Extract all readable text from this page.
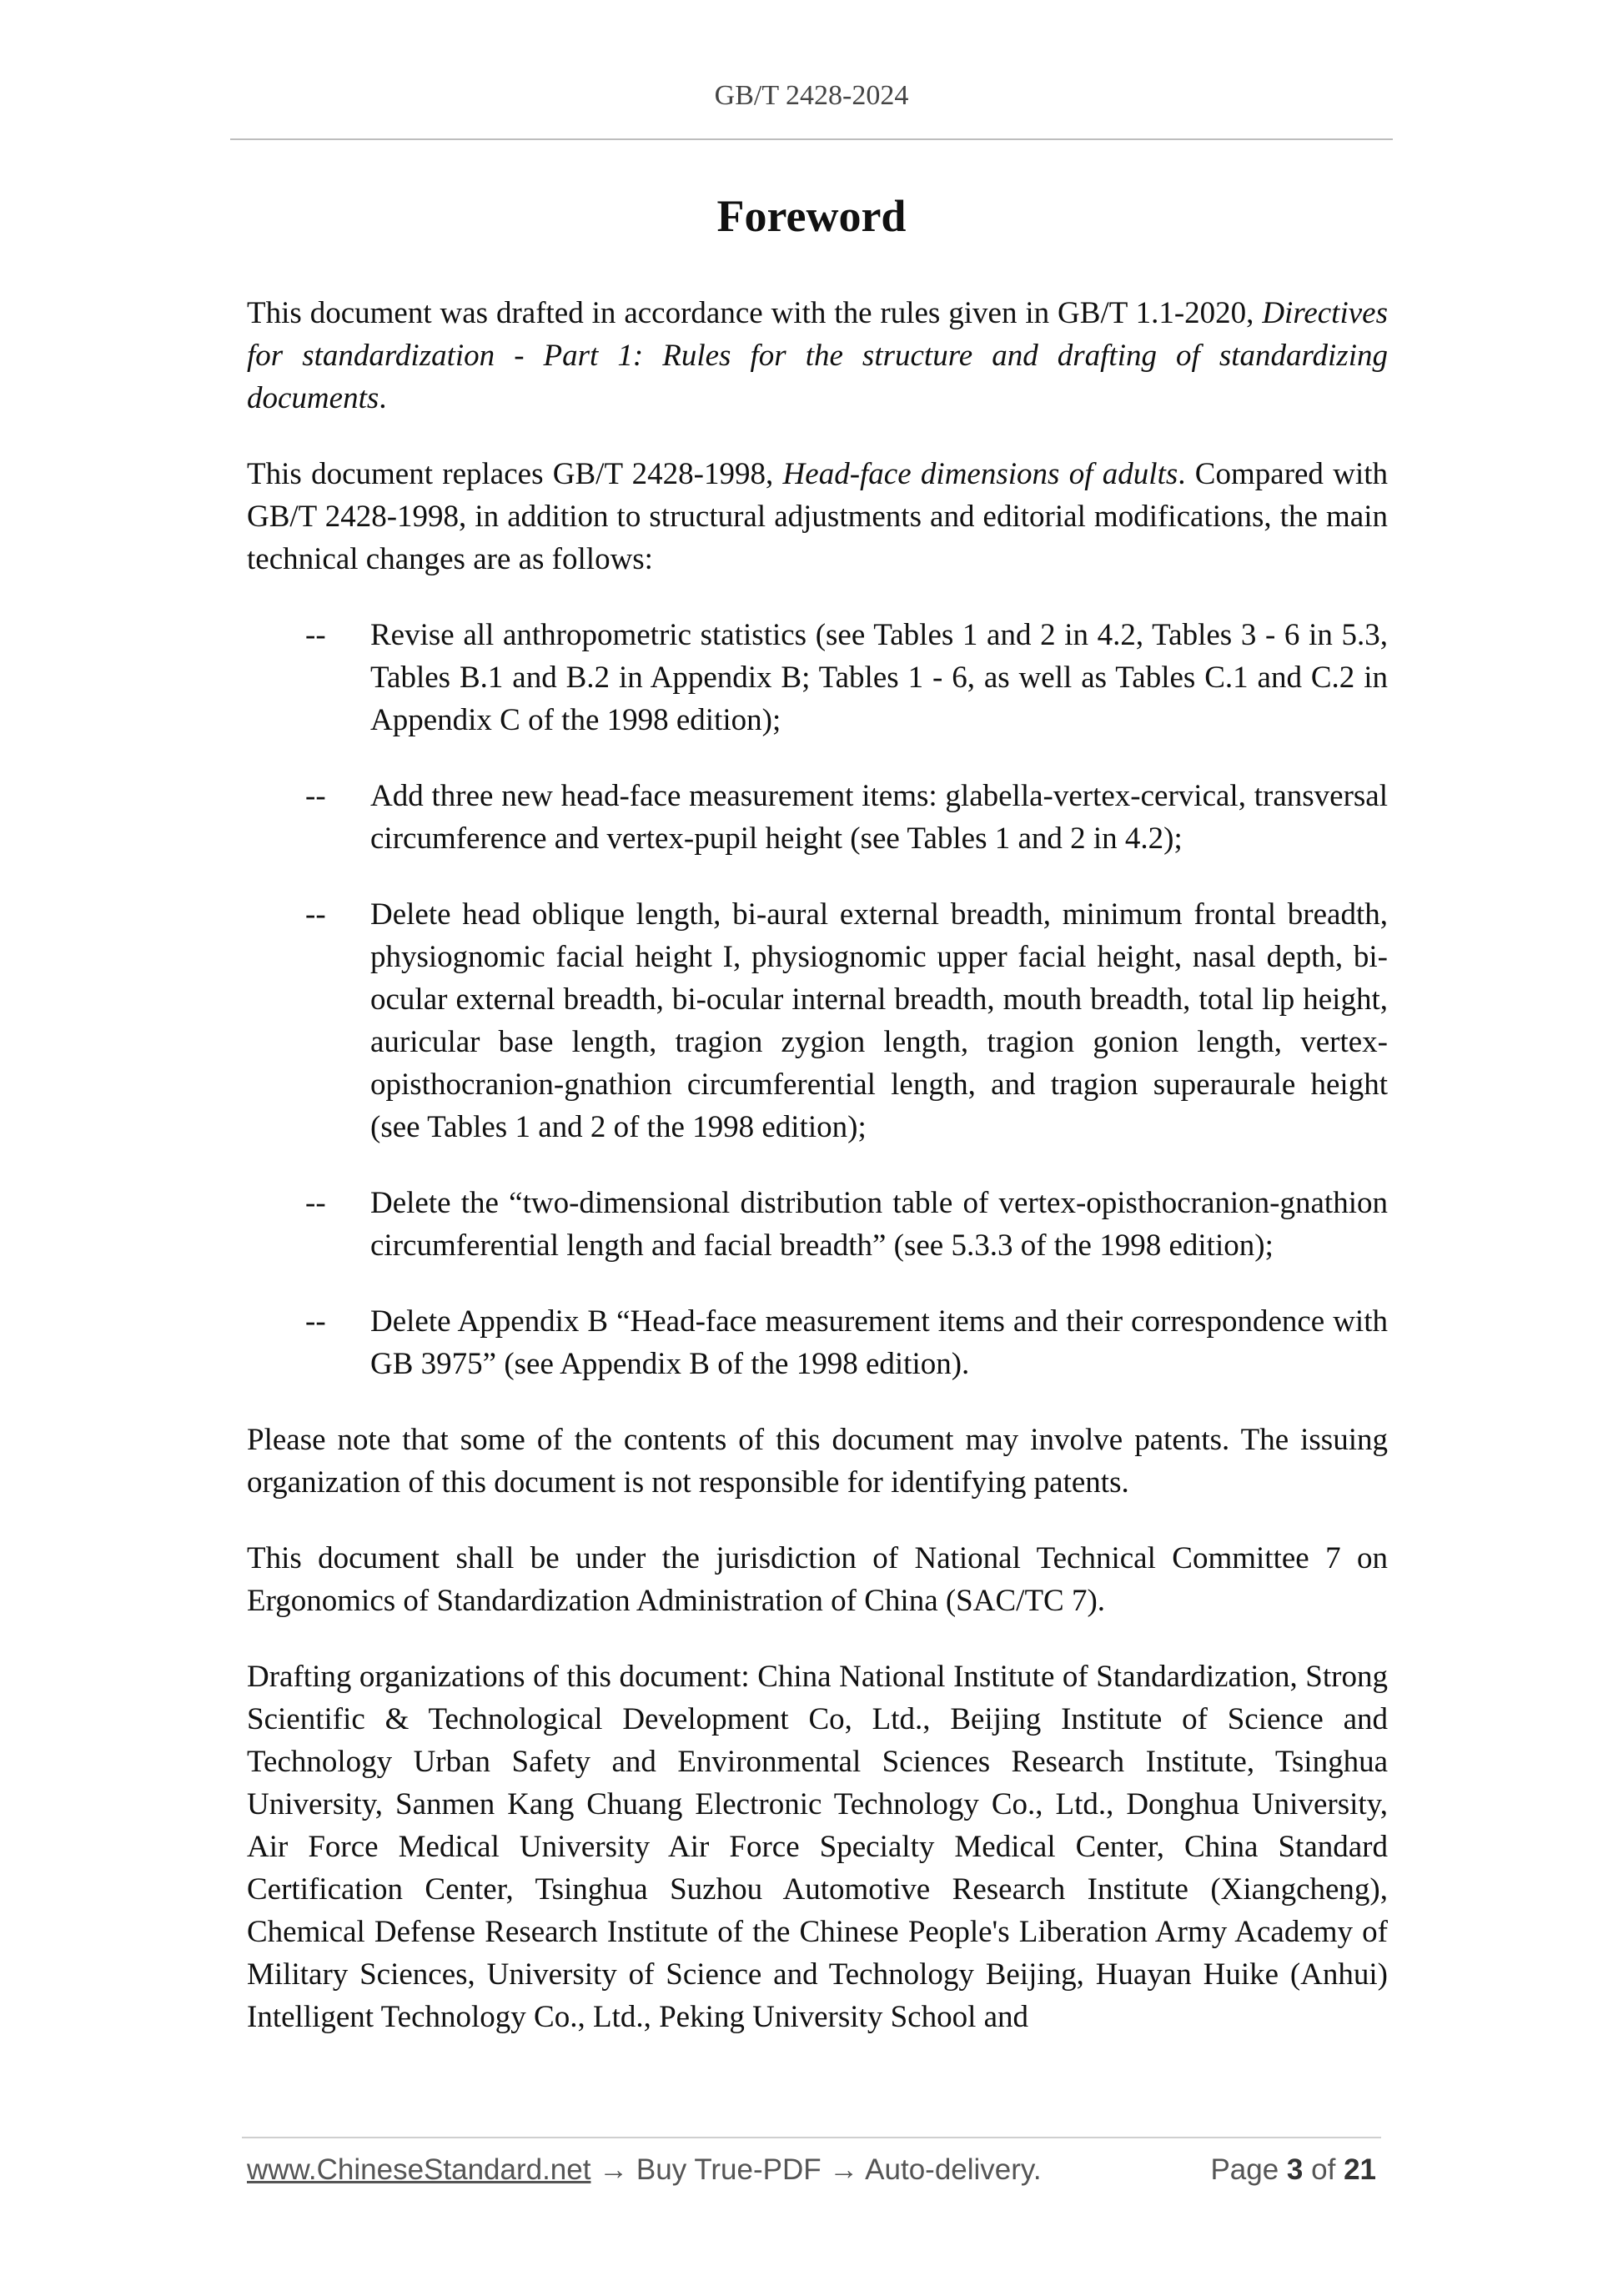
GB/T 2428-2024
Foreword

This document was drafted in accordance with the rules given in GB/T 1.1-2020, Directives for standardization - Part 1: Rules for the structure and drafting of standardizing documents.

This document replaces GB/T 2428-1998, Head-face dimensions of adults. Compared with GB/T 2428-1998, in addition to structural adjustments and editorial modifications, the main technical changes are as follows:

--	Revise all anthropometric statistics (see Tables 1 and 2 in 4.2, Tables 3 - 6 in 5.3, Tables B.1 and B.2 in Appendix B; Tables 1 - 6, as well as Tables C.1 and C.2 in Appendix C of the 1998 edition);
--	Add three new head-face measurement items: glabella-vertex-cervical, transversal circumference and vertex-pupil height (see Tables 1 and 2 in 4.2);
--	Delete head oblique length, bi-aural external breadth, minimum frontal breadth, physiognomic facial height I, physiognomic upper facial height, nasal depth, bi-ocular external breadth, bi-ocular internal breadth, mouth breadth, total lip height, auricular base length, tragion zygion length, tragion gonion length, vertex-opisthocranion-gnathion circumferential length, and tragion superaurale height (see Tables 1 and 2 of the 1998 edition);
--	Delete the “two-dimensional distribution table of vertex-opisthocranion-gnathion circumferential length and facial breadth” (see 5.3.3 of the 1998 edition);
--	Delete Appendix B “Head-face measurement items and their correspondence with GB 3975” (see Appendix B of the 1998 edition).

Please note that some of the contents of this document may involve patents. The issuing organization of this document is not responsible for identifying patents.

This document shall be under the jurisdiction of National Technical Committee 7 on Ergonomics of Standardization Administration of China (SAC/TC 7).

Drafting organizations of this document: China National Institute of Standardization, Strong Scientific & Technological Development Co, Ltd., Beijing Institute of Science and Technology Urban Safety and Environmental Sciences Research Institute, Tsinghua University, Sanmen Kang Chuang Electronic Technology Co., Ltd., Donghua University, Air Force Medical University Air Force Specialty Medical Center, China Standard Certification Center, Tsinghua Suzhou Automotive Research Institute (Xiangcheng), Chemical Defense Research Institute of the Chinese People's Liberation Army Academy of Military Sciences, University of Science and Technology Beijing, Huayan Huike (Anhui) Intelligent Technology Co., Ltd., Peking University School and

www.ChineseStandard.net → Buy True-PDF → Auto-delivery.	Page 3 of 21
